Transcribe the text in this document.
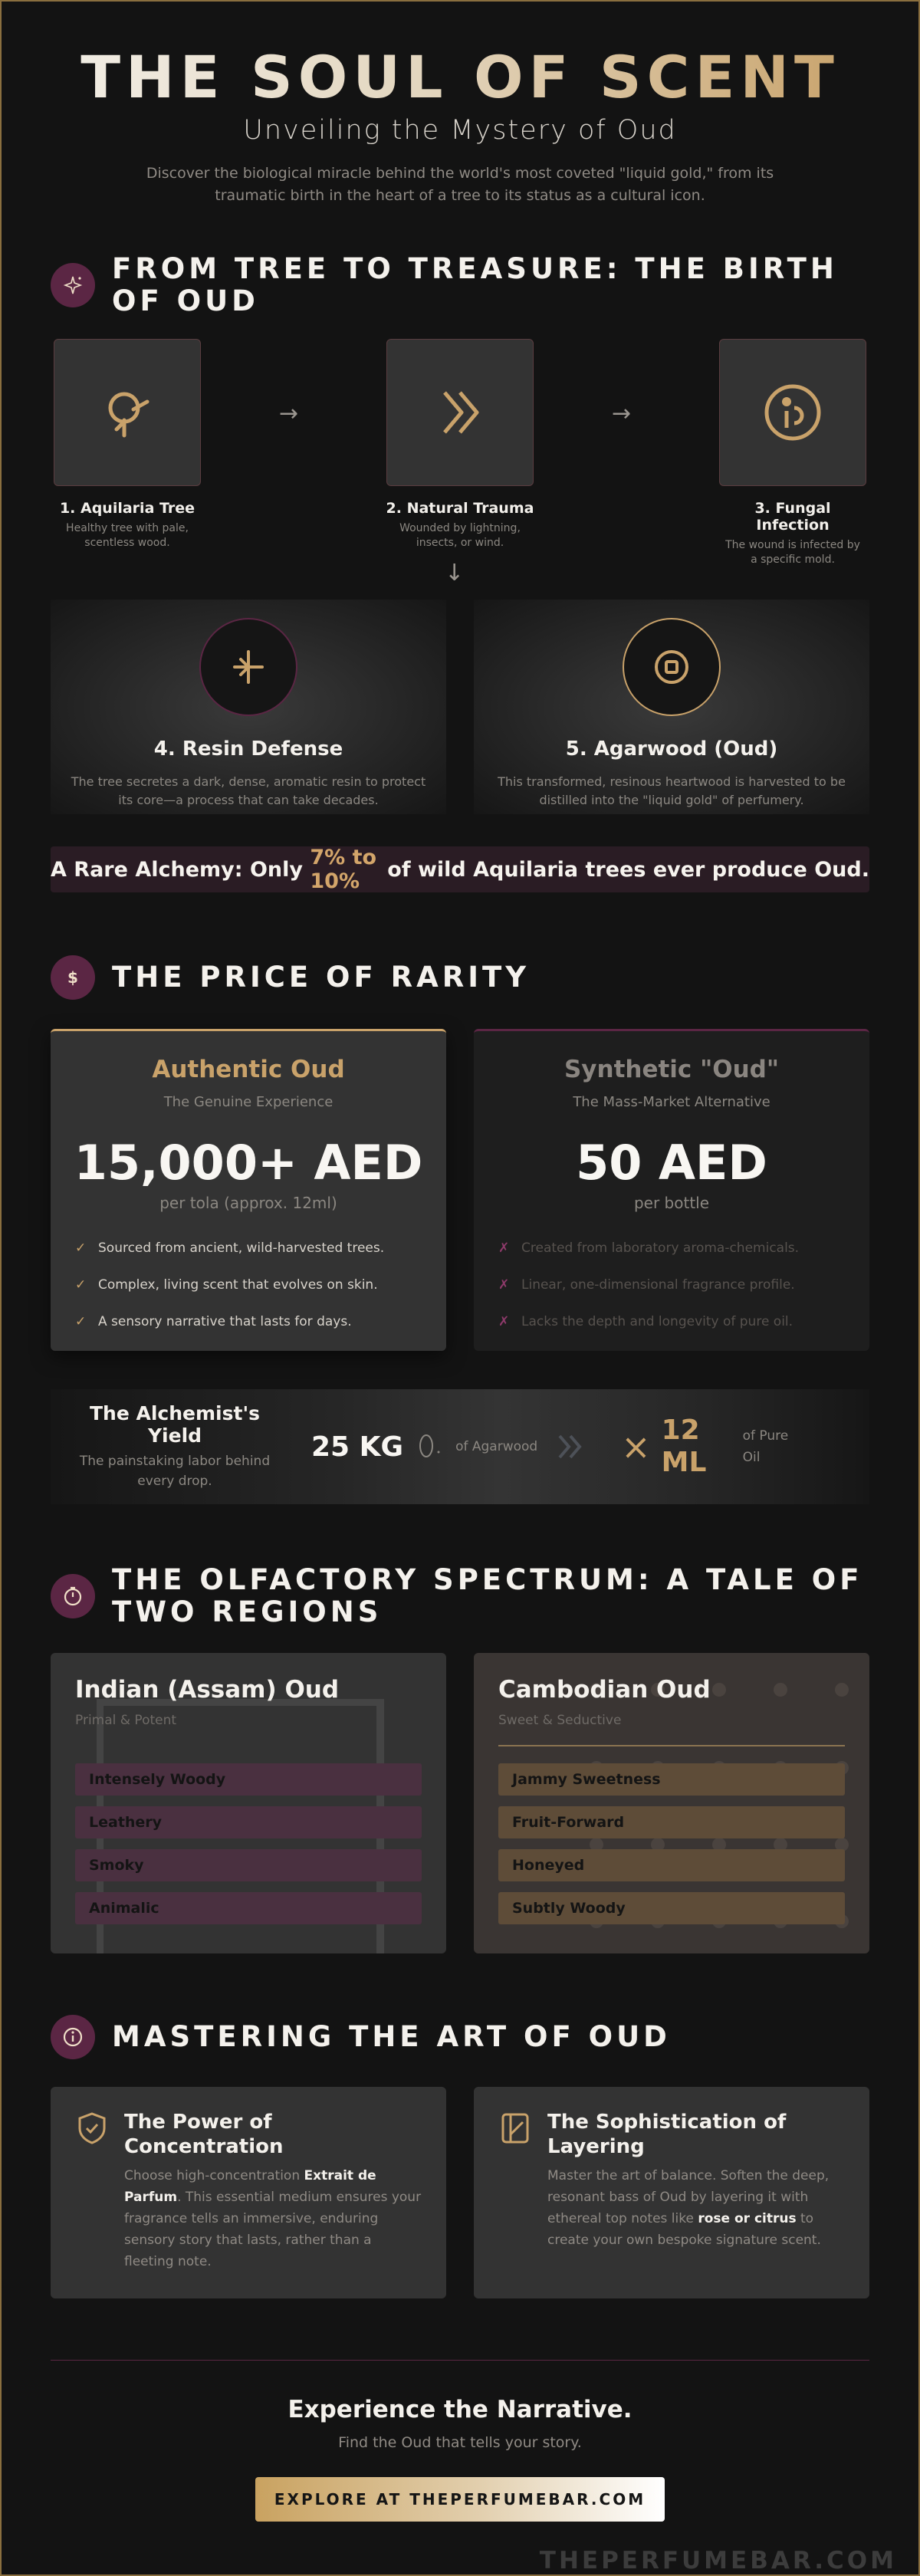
THE SOUL OF SCENT
Unveiling the Mystery of Oud

Discover the biological miracle behind the world's most coveted "liquid gold," from its traumatic birth in the heart of a tree to its status as a cultural icon.

FROM TREE TO TREASURE: THE BIRTH OF OUD
1. Aquilaria Tree
Healthy tree with pale, scentless wood.
→
2. Natural Trauma
Wounded by lightning, insects, or wind.
→
3. Fungal Infection
The wound is infected by a specific mold.
↓
4. Resin Defense

The tree secretes a dark, dense, aromatic resin to protect its core—a process that can take decades.

5. Agarwood (Oud)

This transformed, resinous heartwood is harvested to be distilled into the "liquid gold" of perfumery.

A Rare Alchemy: Only 7% to 10% of wild Aquilaria trees ever produce Oud.
$ THE PRICE OF RARITY
Authentic Oud
The Genuine Experience
15,000+ AED
per tola (approx. 12ml)
✓ Sourced from ancient, wild-harvested trees.
✓ Complex, living scent that evolves on skin.
✓ A sensory narrative that lasts for days.
Synthetic "Oud"
The Mass-Market Alternative
50 AED
per bottle
✗ Created from laboratory aroma-chemicals.
✗ Linear, one-dimensional fragrance profile.
✗ Lacks the depth and longevity of pure oil.
The Alchemist's Yield
The painstaking labor behind every drop.
25 KG	of Agarwood × 12 ML
of Pure Oil
THE OLFACTORY SPECTRUM: A TALE OF TWO REGIONS
Indian (Assam) Oud
Primal & Potent
Intensely Woody
Leathery
Smoky
Animalic
Cambodian Oud
Sweet & Seductive
Jammy Sweetness
Fruit-Forward
Honeyed
Subtly Woody
MASTERING THE ART OF OUD
The Power of Concentration

Choose high-concentration Extrait de Parfum. This essential medium ensures your fragrance tells an immersive, enduring sensory story that lasts, rather than a fleeting note.

The Sophistication of Layering

Master the art of balance. Soften the deep, resonant bass of Oud by layering it with ethereal top notes like rose or citrus to create your own bespoke signature scent.

Experience the Narrative.

Find the Oud that tells your story.

EXPLORE AT THEPERFUMEBAR.COM
THEPERFUMEBAR.COM
